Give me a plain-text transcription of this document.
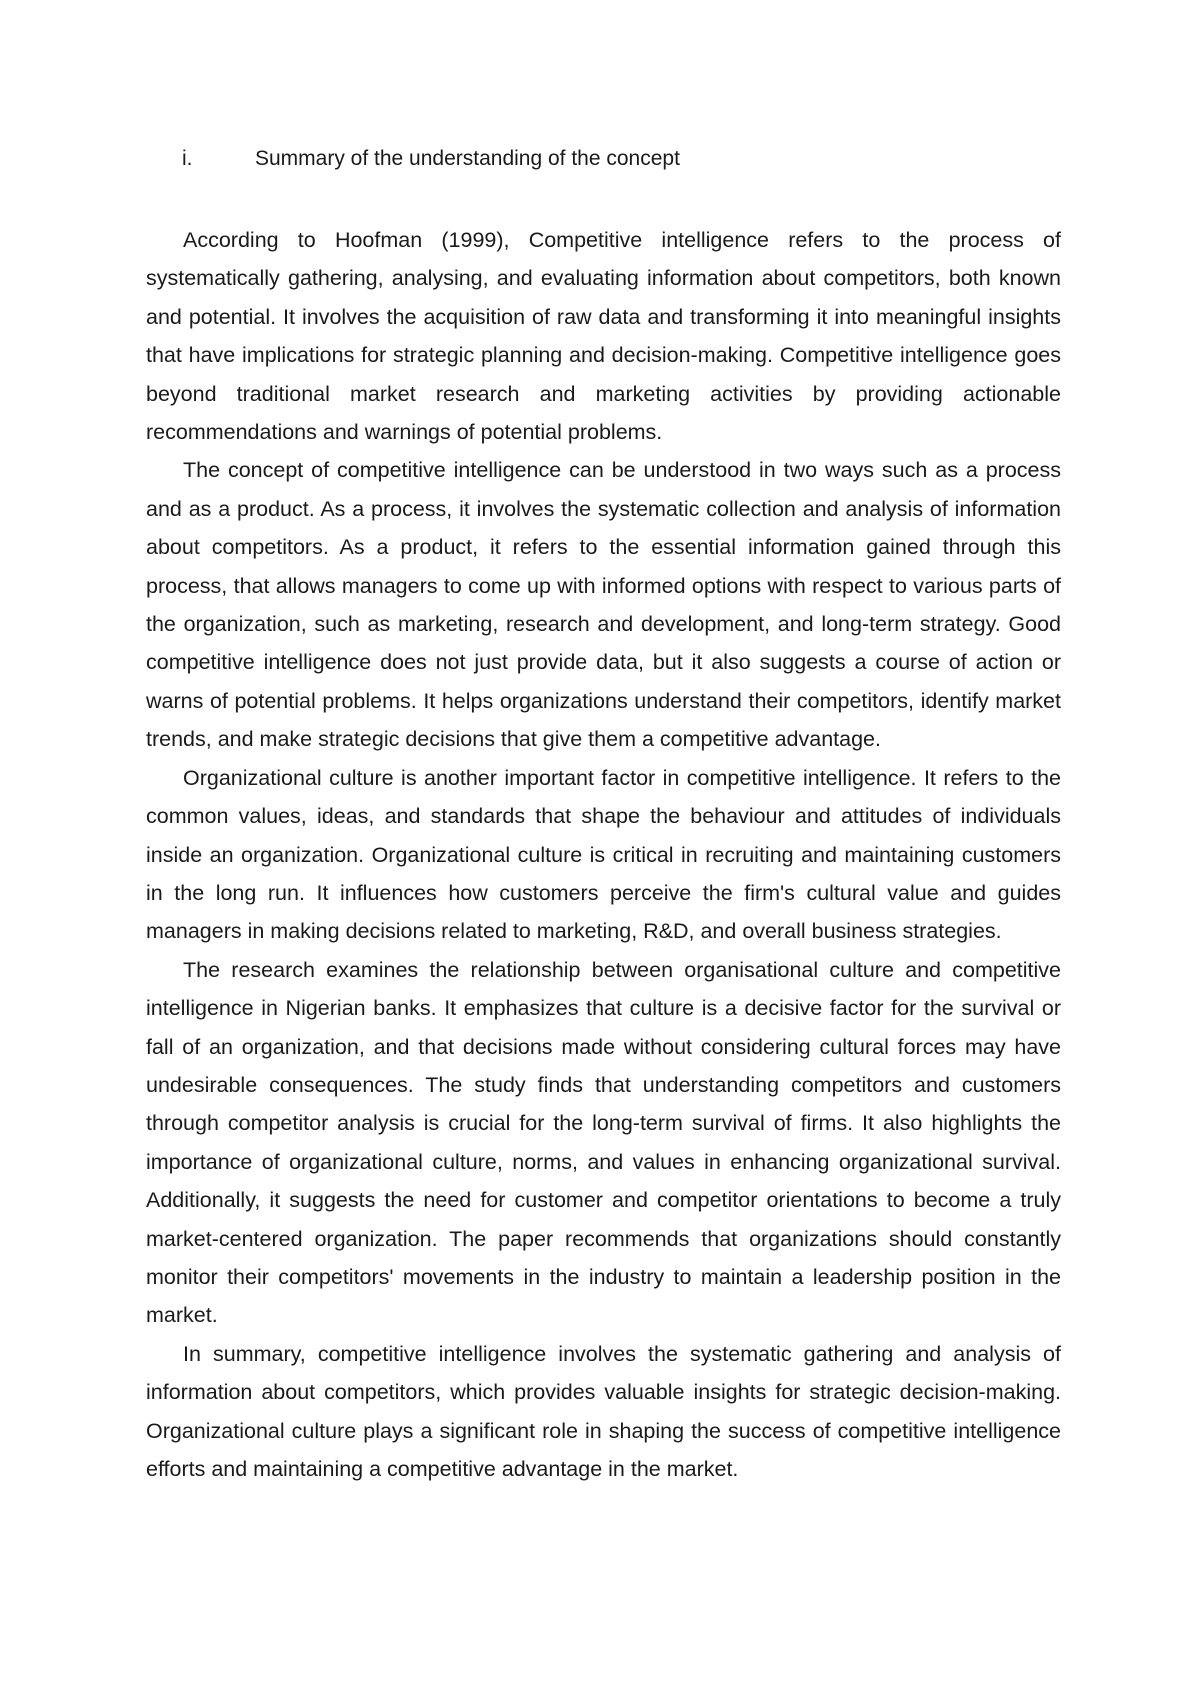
i.	Summary of the understanding of the concept

According to Hoofman (1999), Competitive intelligence refers to the process of systematically gathering, analysing, and evaluating information about competitors, both known and potential. It involves the acquisition of raw data and transforming it into meaningful insights that have implications for strategic planning and decision-making. Competitive intelligence goes beyond traditional market research and marketing activities by providing actionable recommendations and warnings of potential problems.

The concept of competitive intelligence can be understood in two ways such as a process and as a product. As a process, it involves the systematic collection and analysis of information about competitors. As a product, it refers to the essential information gained through this process, that allows managers to come up with informed options with respect to various parts of the organization, such as marketing, research and development, and long-term strategy. Good competitive intelligence does not just provide data, but it also suggests a course of action or warns of potential problems. It helps organizations understand their competitors, identify market trends, and make strategic decisions that give them a competitive advantage.

Organizational culture is another important factor in competitive intelligence. It refers to the common values, ideas, and standards that shape the behaviour and attitudes of individuals inside an organization. Organizational culture is critical in recruiting and maintaining customers in the long run. It influences how customers perceive the firm's cultural value and guides managers in making decisions related to marketing, R&D, and overall business strategies.

The research examines the relationship between organisational culture and competitive intelligence in Nigerian banks. It emphasizes that culture is a decisive factor for the survival or fall of an organization, and that decisions made without considering cultural forces may have undesirable consequences. The study finds that understanding competitors and customers through competitor analysis is crucial for the long-term survival of firms. It also highlights the importance of organizational culture, norms, and values in enhancing organizational survival. Additionally, it suggests the need for customer and competitor orientations to become a truly market-centered organization. The paper recommends that organizations should constantly monitor their competitors' movements in the industry to maintain a leadership position in the market.

In summary, competitive intelligence involves the systematic gathering and analysis of information about competitors, which provides valuable insights for strategic decision-making. Organizational culture plays a significant role in shaping the success of competitive intelligence efforts and maintaining a competitive advantage in the market.
